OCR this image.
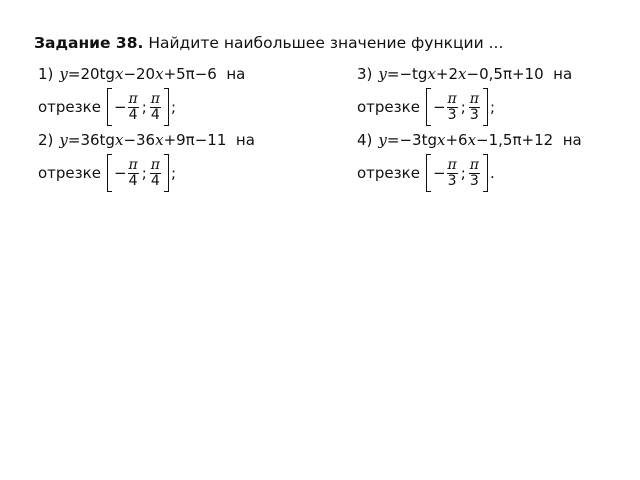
Задание 38. Найдите наибольшее значение функции ...
1) y=20tgx−20x+5π−6 на
отрезке − $\frac{\pi}{4}$ ; $\frac{\pi}{4}$ ;
2) y=36tgx−36x+9π−11 на
отрезке − $\frac{\pi}{4}$ ; $\frac{\pi}{4}$ ;
3) y=−tgx+2x−0,5π+10 на
отрезке − $\frac{\pi}{3}$ ; $\frac{\pi}{3}$ ;
4) y=−3tgx+6x−1,5π+12 на
отрезке − $\frac{\pi}{3}$ ; $\frac{\pi}{3}$ .
